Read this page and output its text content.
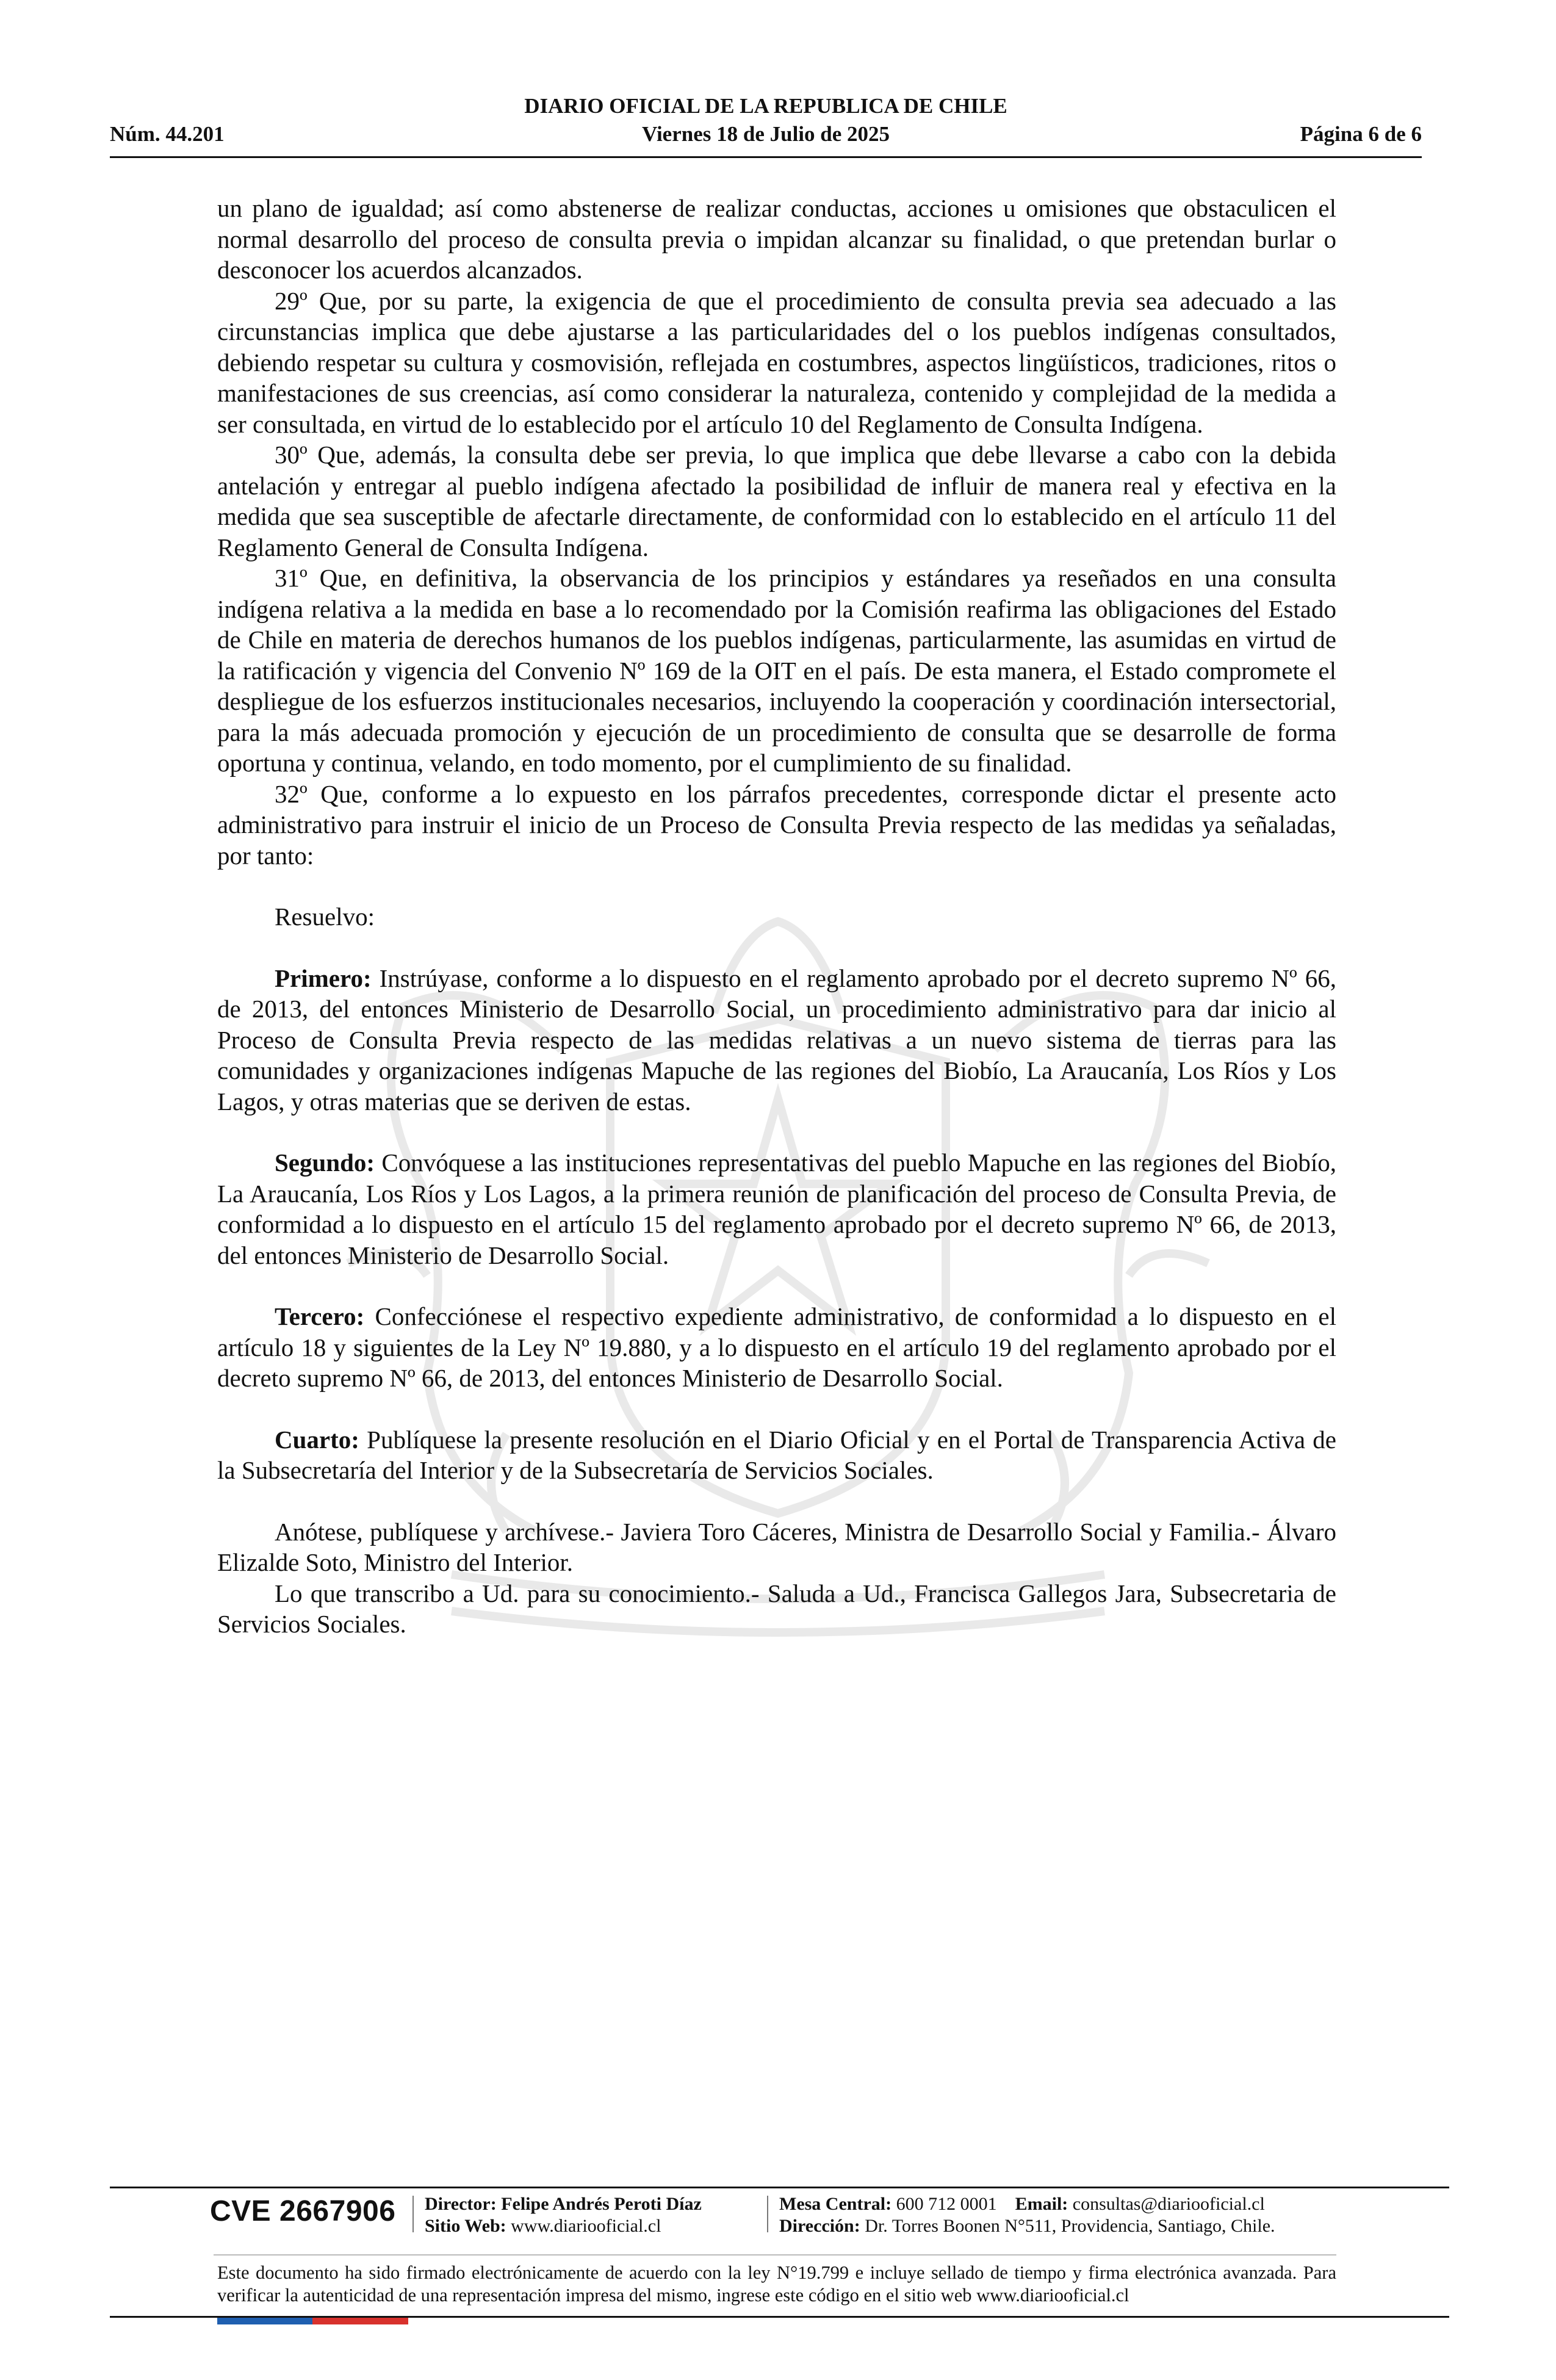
DIARIO OFICIAL DE LA REPUBLICA DE CHILE
Núm. 44.201	Viernes 18 de Julio de 2025	Página 6 de 6

un plano de igualdad; así como abstenerse de realizar conductas, acciones u omisiones que obstaculicen el normal desarrollo del proceso de consulta previa o impidan alcanzar su finalidad, o que pretendan burlar o desconocer los acuerdos alcanzados.

29º Que, por su parte, la exigencia de que el procedimiento de consulta previa sea adecuado a las circunstancias implica que debe ajustarse a las particularidades del o los pueblos indígenas consultados, debiendo respetar su cultura y cosmovisión, reflejada en costumbres, aspectos lingüísticos, tradiciones, ritos o manifestaciones de sus creencias, así como considerar la naturaleza, contenido y complejidad de la medida a ser consultada, en virtud de lo establecido por el artículo 10 del Reglamento de Consulta Indígena.

30º Que, además, la consulta debe ser previa, lo que implica que debe llevarse a cabo con la debida antelación y entregar al pueblo indígena afectado la posibilidad de influir de manera real y efectiva en la medida que sea susceptible de afectarle directamente, de conformidad con lo establecido en el artículo 11 del Reglamento General de Consulta Indígena.

31º Que, en definitiva, la observancia de los principios y estándares ya reseñados en una consulta indígena relativa a la medida en base a lo recomendado por la Comisión reafirma las obligaciones del Estado de Chile en materia de derechos humanos de los pueblos indígenas, particularmente, las asumidas en virtud de la ratificación y vigencia del Convenio Nº 169 de la OIT en el país. De esta manera, el Estado compromete el despliegue de los esfuerzos institucionales necesarios, incluyendo la cooperación y coordinación intersectorial, para la más adecuada promoción y ejecución de un procedimiento de consulta que se desarrolle de forma oportuna y continua, velando, en todo momento, por el cumplimiento de su finalidad.

32º Que, conforme a lo expuesto en los párrafos precedentes, corresponde dictar el presente acto administrativo para instruir el inicio de un Proceso de Consulta Previa respecto de las medidas ya señaladas, por tanto:

Resuelvo:

Primero: Instrúyase, conforme a lo dispuesto en el reglamento aprobado por el decreto supremo Nº 66, de 2013, del entonces Ministerio de Desarrollo Social, un procedimiento administrativo para dar inicio al Proceso de Consulta Previa respecto de las medidas relativas a un nuevo sistema de tierras para las comunidades y organizaciones indígenas Mapuche de las regiones del Biobío, La Araucanía, Los Ríos y Los Lagos, y otras materias que se deriven de estas.

Segundo: Convóquese a las instituciones representativas del pueblo Mapuche en las regiones del Biobío, La Araucanía, Los Ríos y Los Lagos, a la primera reunión de planificación del proceso de Consulta Previa, de conformidad a lo dispuesto en el artículo 15 del reglamento aprobado por el decreto supremo Nº 66, de 2013, del entonces Ministerio de Desarrollo Social.

Tercero: Confecciónese el respectivo expediente administrativo, de conformidad a lo dispuesto en el artículo 18 y siguientes de la Ley Nº 19.880, y a lo dispuesto en el artículo 19 del reglamento aprobado por el decreto supremo Nº 66, de 2013, del entonces Ministerio de Desarrollo Social.

Cuarto: Publíquese la presente resolución en el Diario Oficial y en el Portal de Transparencia Activa de la Subsecretaría del Interior y de la Subsecretaría de Servicios Sociales.

Anótese, publíquese y archívese.- Javiera Toro Cáceres, Ministra de Desarrollo Social y Familia.- Álvaro Elizalde Soto, Ministro del Interior.

Lo que transcribo a Ud. para su conocimiento.- Saluda a Ud., Francisca Gallegos Jara, Subsecretaria de Servicios Sociales.

CVE 2667906 Director: Felipe Andrés Peroti Díaz
Sitio Web: www.diariooficial.cl
Mesa Central: 600 712 0001 Email: consultas@diariooficial.cl
Dirección: Dr. Torres Boonen N°511, Providencia, Santiago, Chile.
Este documento ha sido firmado electrónicamente de acuerdo con la ley N°19.799 e incluye sellado de tiempo y firma electrónica avanzada. Para verificar la autenticidad de una representación impresa del mismo, ingrese este código en el sitio web www.diariooficial.cl
